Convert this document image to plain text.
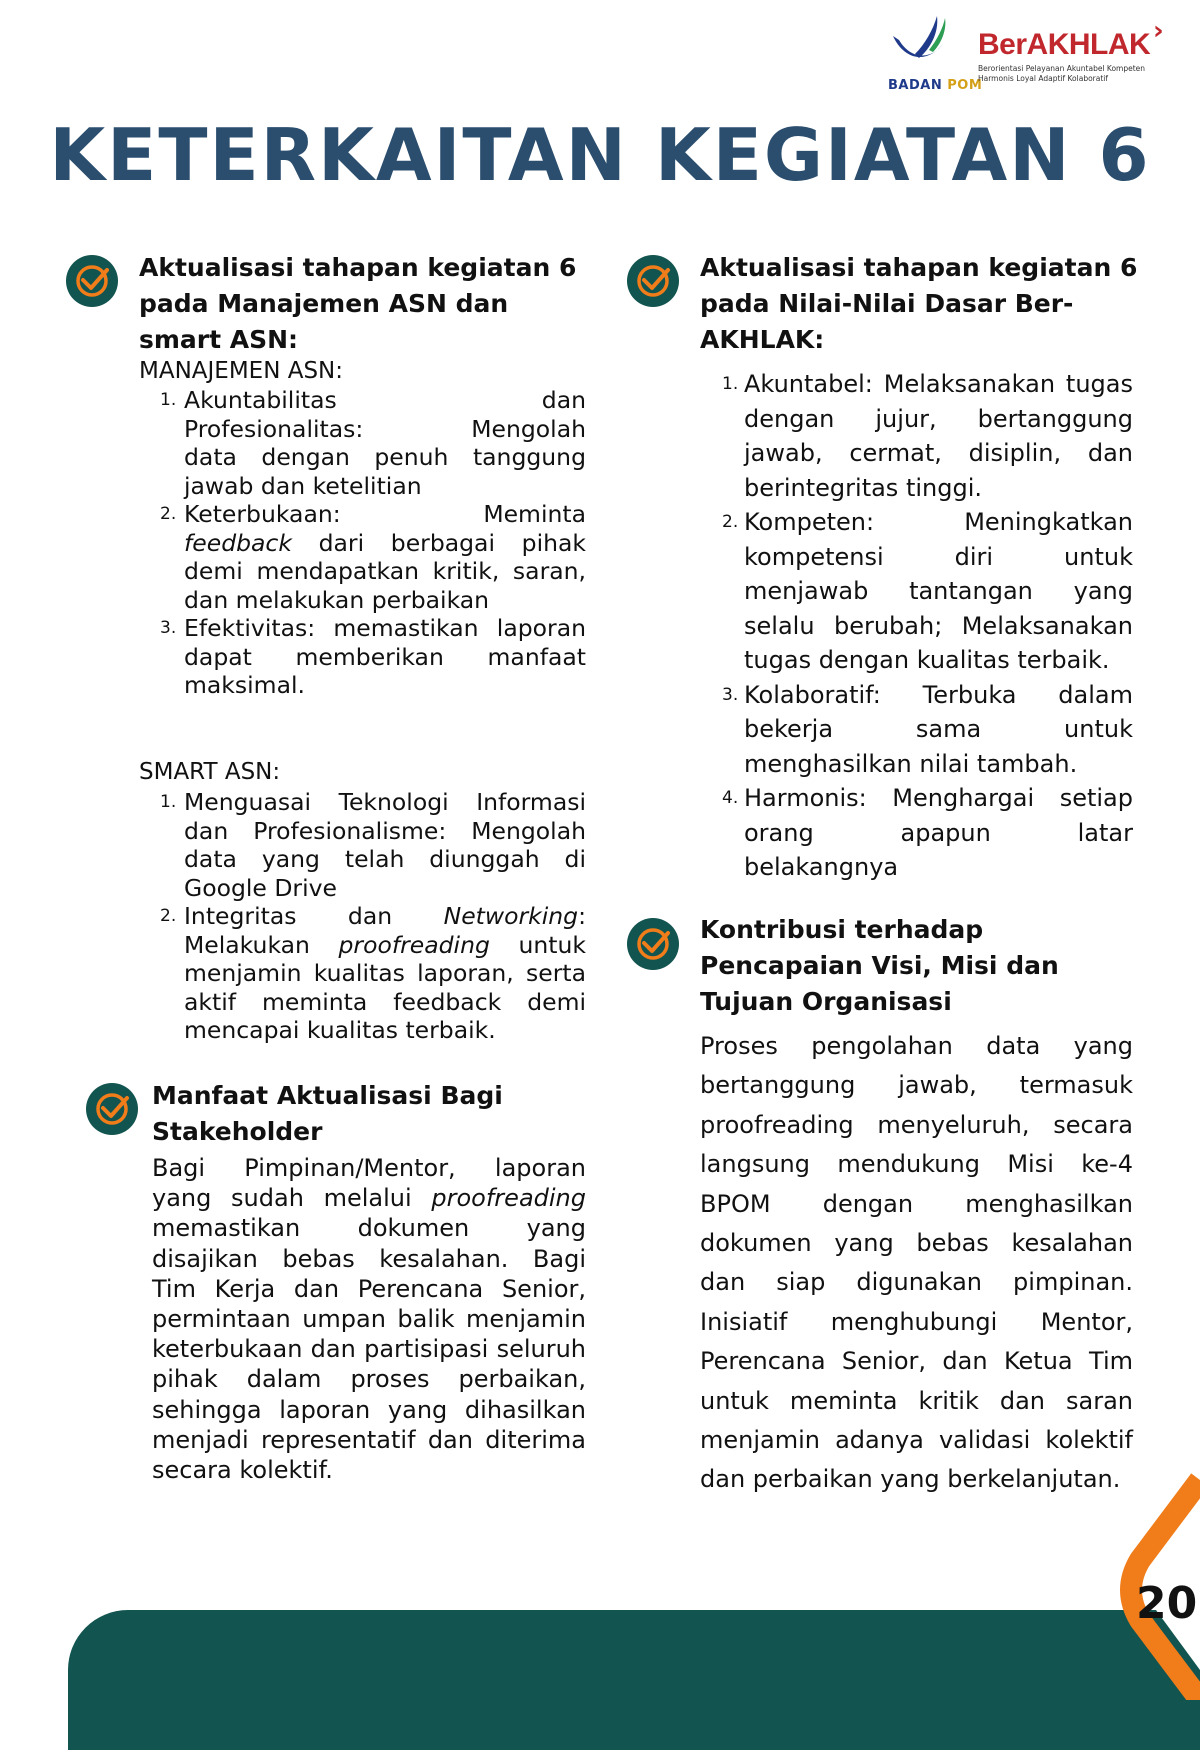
BADAN POM
›
BerAKHLAK
Berorientasi Pelayanan Akuntabel Kompeten
Harmonis Loyal Adaptif Kolaboratif
KETERKAITAN KEGIATAN 6
Aktualisasi tahapan kegiatan 6
pada Manajemen ASN dan
smart ASN:
MANAJEMEN ASN:
1. Akuntabilitas dan
Profesionalitas: Mengolah
data dengan penuh tanggung
jawab dan ketelitian
2. Keterbukaan: Meminta
feedback dari berbagai pihak demi mendapatkan kritik, saran, dan melakukan perbaikan
3. Efektivitas: memastikan laporan dapat memberikan manfaat maksimal.
SMART ASN:
1. Menguasai Teknologi Informasi dan Profesionalisme: Mengolah data yang telah diunggah di Google Drive
2. Integritas dan Networking: Melakukan proofreading untuk menjamin kualitas laporan, serta aktif meminta feedback demi mencapai kualitas terbaik.
Manfaat Aktualisasi Bagi
Stakeholder
Bagi Pimpinan/Mentor, laporan yang sudah melalui proofreading memastikan dokumen yang disajikan bebas kesalahan. Bagi Tim Kerja dan Perencana Senior, permintaan umpan balik menjamin keterbukaan dan partisipasi seluruh pihak dalam proses perbaikan, sehingga laporan yang dihasilkan menjadi representatif dan diterima secara kolektif.
Aktualisasi tahapan kegiatan 6
pada Nilai-Nilai Dasar Ber-
AKHLAK:
1. Akuntabel: Melaksanakan tugas dengan jujur, bertanggung jawab, cermat, disiplin, dan berintegritas tinggi.
2. Kompeten: Meningkatkan kompetensi diri untuk menjawab tantangan yang selalu berubah; Melaksanakan tugas dengan kualitas terbaik.
3. Kolaboratif: Terbuka dalam bekerja sama untuk menghasilkan nilai tambah.
4. Harmonis: Menghargai setiap orang apapun latar belakangnya
Kontribusi terhadap
Pencapaian Visi, Misi dan
Tujuan Organisasi
Proses pengolahan data yang bertanggung jawab, termasuk proofreading menyeluruh, secara langsung mendukung Misi ke-4 BPOM dengan menghasilkan dokumen yang bebas kesalahan dan siap digunakan pimpinan. Inisiatif menghubungi Mentor, Perencana Senior, dan Ketua Tim untuk meminta kritik dan saran menjamin adanya validasi kolektif dan perbaikan yang berkelanjutan.
20
